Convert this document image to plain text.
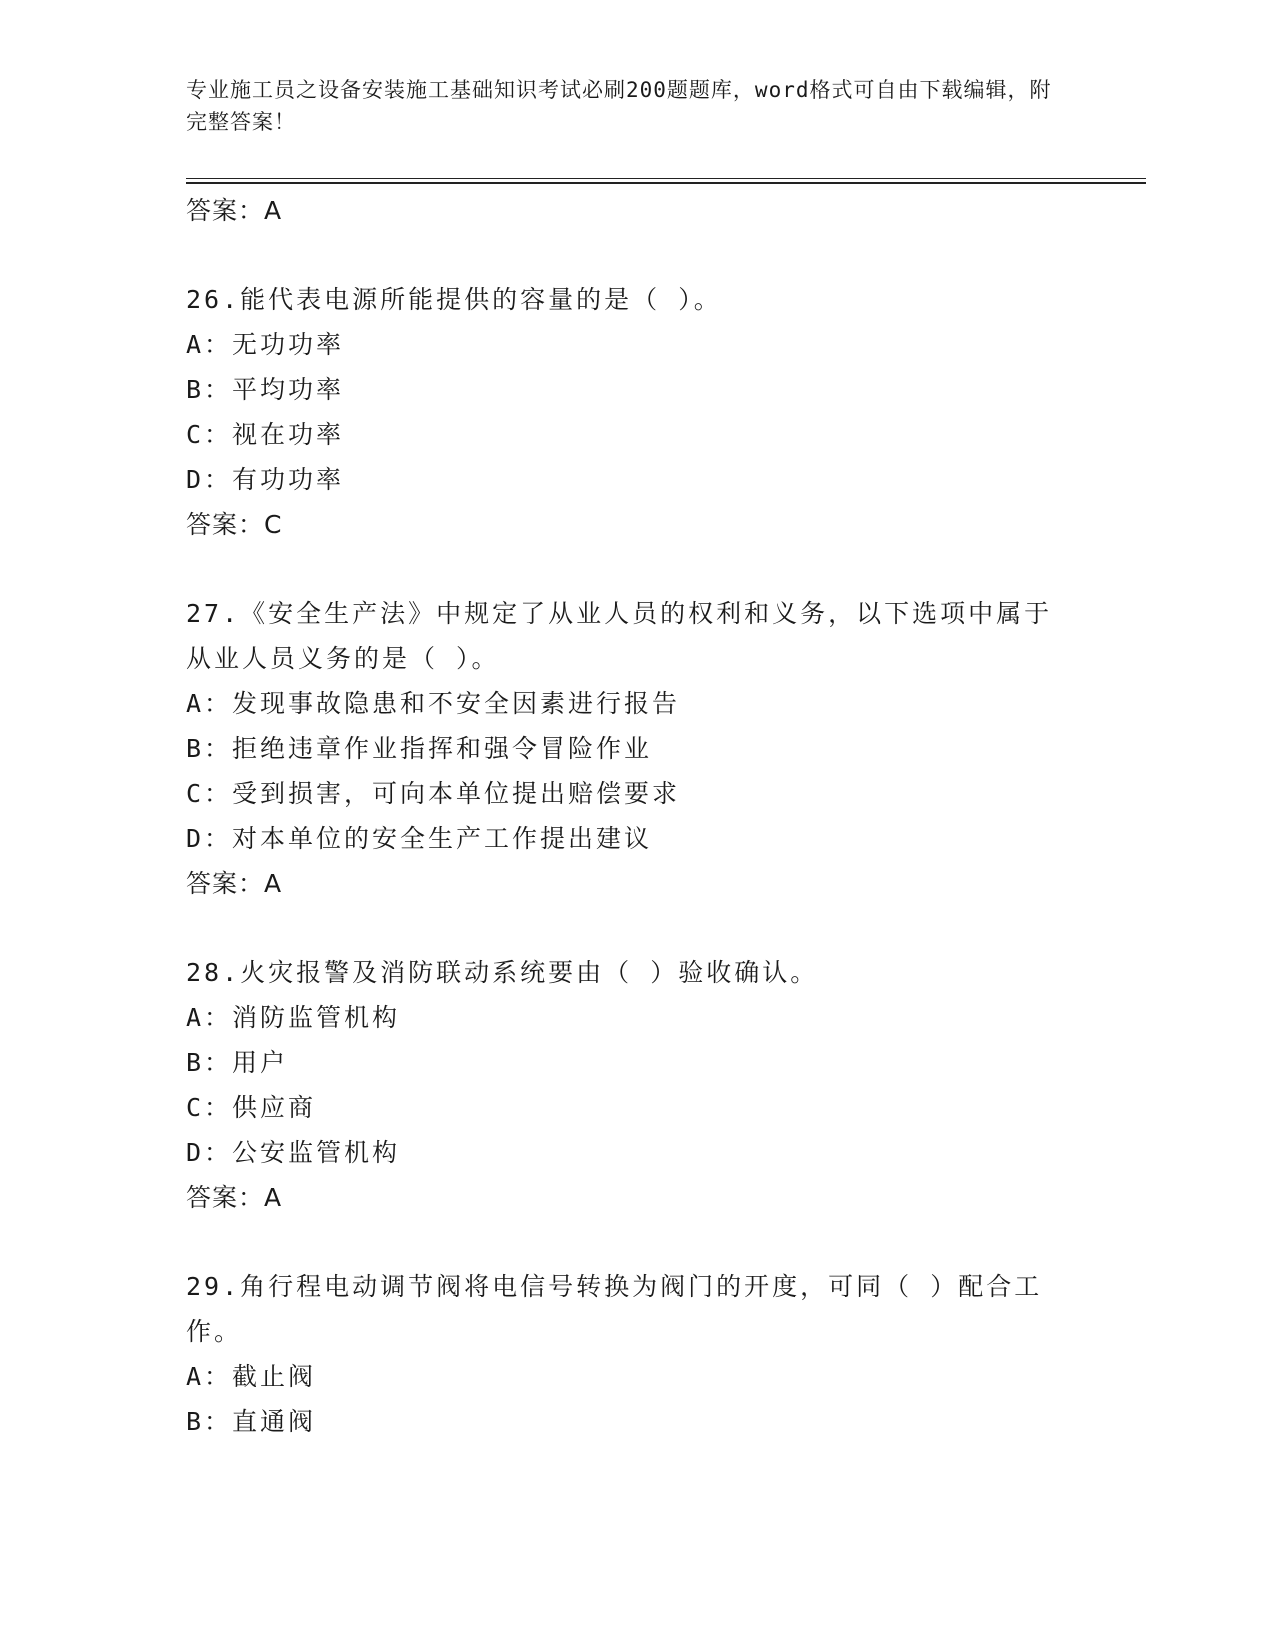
专业施工员之设备安装施工基础知识考试必刷200题题库，word格式可自由下载编辑，附完整答案！
答案：A
26.能代表电源所能提供的容量的是（ ）。
A：无功功率
B：平均功率
C：视在功率
D：有功功率
答案：C
27.《安全生产法》中规定了从业人员的权利和义务，以下选项中属于
从业人员义务的是（ ）。
A：发现事故隐患和不安全因素进行报告
B：拒绝违章作业指挥和强令冒险作业
C：受到损害，可向本单位提出赔偿要求
D：对本单位的安全生产工作提出建议
答案：A
28.火灾报警及消防联动系统要由（ ）验收确认。
A：消防监管机构
B：用户
C：供应商
D：公安监管机构
答案：A
29.角行程电动调节阀将电信号转换为阀门的开度，可同（ ）配合工
作。
A：截止阀
B：直通阀
